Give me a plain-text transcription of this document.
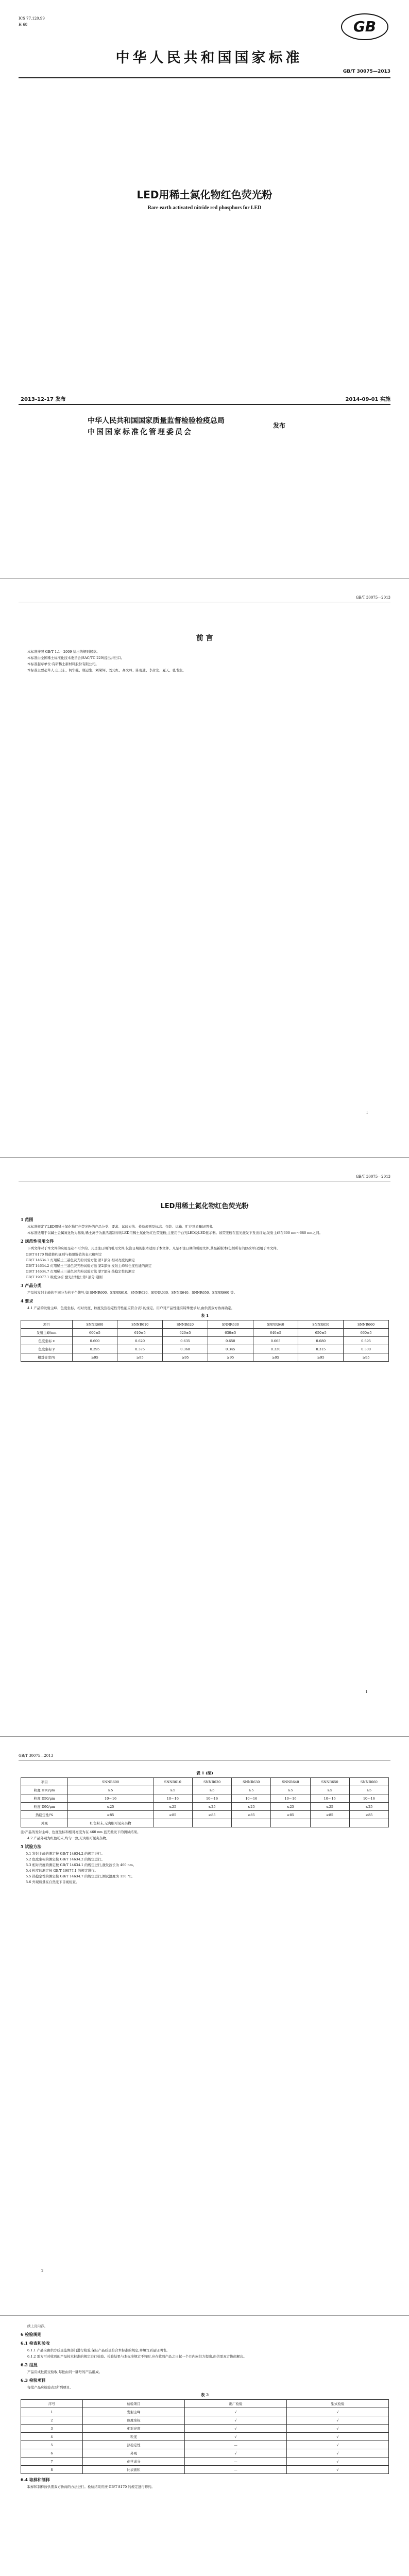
ICS 77.120.99
H 68	GB
中华人民共和国国家标准
GB/T 30075—2013
LED用稀土氮化物红色荧光粉
Rare earth activated nitride red phosphors for LED
2013-12-17 发布	2014-09-01 实施
中华人民共和国国家质量监督检验检疫总局
中国国家标准化管理委员会
发布
GB/T 30075—2013
前 言

本标准按照 GB/T 1.1—2009 给出的规则起草。

本标准由全国稀土标准化技术委员会(SAC/TC 229)提出并归口。

本标准起草单位:有研稀土新材料股份有限公司。

本标准主要起草人:庄卫东、何华强、胡运生、刘荣辉、刘元红、高文玲、陈观通、李彦龙、夏天、张书生。

I
GB/T 30075—2013
LED用稀土氮化物红色荧光粉
1 范围

本标准规定了LED用稀土氮化物红色荧光粉的产品分类、要求、试验方法、检验规则及标志、包装、运输、贮存及质量证明书。

本标准适用于以碱土金属氮化物为基质,稀土离子为激活剂制得的LED用稀土氮化物红色荧光粉,主要用于白光LED及LED显示器。该荧光粉在蓝光激发下发出红光,发射主峰在600 nm～680 nm之间。

2 规范性引用文件

下列文件对于本文件的应用是必不可少的。凡是注日期的引用文件,仅注日期的版本适用于本文件。凡是不注日期的引用文件,其最新版本(包括所有的修改单)适用于本文件。

GB/T 8170 数值修约规则与极限数值的表示和判定

GB/T 14634.1 灯用稀土三基色荧光粉试验方法 第1部分:相对亮度的测定

GB/T 14634.2 灯用稀土三基色荧光粉试验方法 第2部分:发射主峰和色度性能的测定

GB/T 14634.7 灯用稀土三基色荧光粉试验方法 第7部分:热稳定性的测定

GB/T 19077.1 粒度分析 激光衍射法 第1部分:通则

3 产品分类

产品按发射主峰的不同分为若干个牌号,如 SNNR600、SNNR610、SNNR620、SNNR630、SNNR640、SNNR650、SNNR660 等。

4 要求

4.1 产品的发射主峰、色度坐标、相对亮度、粒度及热稳定性等性能应符合表1的规定。用户对产品性能有特殊要求时,由供需双方协商确定。

表 1
项目	SNNR600	SNNR610	SNNR620	SNNR630	SNNR640	SNNR650	SNNR660
发射主峰/nm	600±5	610±5	620±5	630±5	640±5	650±5	660±5
色度坐标 x	0.600	0.620	0.635	0.650	0.665	0.680	0.695
色度坐标 y	0.395	0.375	0.360	0.345	0.330	0.315	0.300
相对亮度/%	≥95	≥95	≥95	≥95	≥95	≥95	≥95
1
GB/T 30075—2013
表 1 (续)
项目	SNNR600	SNNR610	SNNR620	SNNR630	SNNR640	SNNR650	SNNR660
粒度 D10/μm	≥5	≥5	≥5	≥5	≥5	≥5	≥5
粒度 D50/μm	10～16	10～16	10～16	10～16	10～16	10～16	10～16
粒度 D90/μm	≤25	≤25	≤25	≤25	≤25	≤25	≤25
热稳定性/%	≥85	≥85	≥85	≥85	≥85	≥85	≥85
外观	红色粉末,无肉眼可见夹杂物						

注:产品的发射主峰、色度坐标和相对亮度为在 460 nm 蓝光激发下的测试结果。

4.2 产品外观为红色粉末,均匀一致,无肉眼可见夹杂物。

5 试验方法

5.1 发射主峰的测定按 GB/T 14634.2 的规定进行。

5.2 色度坐标的测定按 GB/T 14634.2 的规定进行。

5.3 相对亮度的测定按 GB/T 14634.1 的规定进行,激发波长为 460 nm。

5.4 粒度的测定按 GB/T 19077.1 的规定进行。

5.5 热稳定性的测定按 GB/T 14634.7 的规定进行,测试温度为 150 ℃。

5.6 外观质量在自然光下目视检查。

2

续上页内容。

6 检验规则
6.1 检查和验收

6.1.1 产品应由供方质量监督部门进行检验,保证产品质量符合本标准的规定,并填写质量证明书。

6.1.2 需方可对收到的产品按本标准的规定进行检验。检验结果与本标准规定不符时,应在收到产品之日起一个月内向供方提出,由供需双方协商解决。

6.2 组批

产品应成批提交验收,每批由同一牌号的产品组成。

6.3 检验项目

每批产品应检验表2所列项目。

表 2
序号	检验项目	出厂检验	型式检验
1	发射主峰	√	√
2	色度坐标	√	√
3	相对亮度	√	√
4	粒度	√	√
5	热稳定性	—	√
6	外观	√	√
7	化学成分	—	√
8	比表面积	—	√
6.4 取样和制样

取样和制样按供需双方协商的方法进行。检验结果应按 GB/T 8170 的规定进行修约。
